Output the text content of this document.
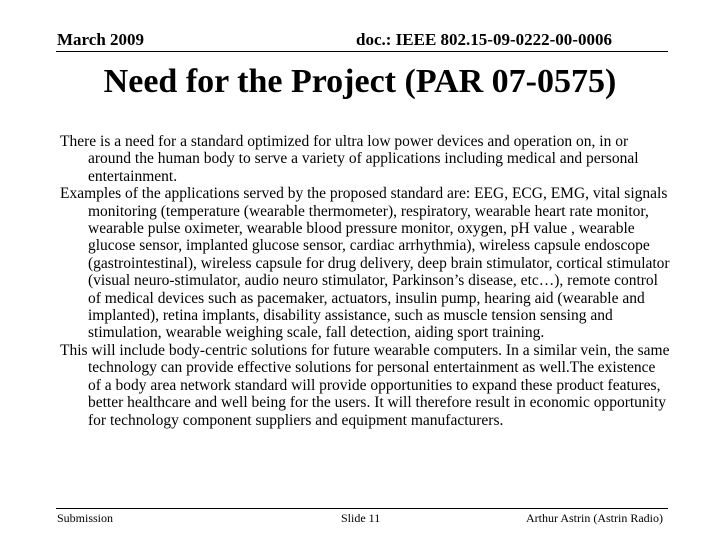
March 2009	doc.: IEEE 802.15-09-0222-00-0006
Need for the Project (PAR 07-0575)

There is a need for a standard optimized for ultra low power devices and operation on, in or around the human body to serve a variety of applications including medical and personal entertainment.

Examples of the applications served by the proposed standard are: EEG, ECG, EMG, vital signals monitoring (temperature (wearable thermometer), respiratory, wearable heart rate monitor, wearable pulse oximeter, wearable blood pressure monitor, oxygen, pH value , wearable glucose sensor, implanted glucose sensor, cardiac arrhythmia), wireless capsule endoscope (gastrointestinal), wireless capsule for drug delivery, deep brain stimulator, cortical stimulator (visual neuro-stimulator, audio neuro stimulator, Parkinson’s disease, etc…), remote control of medical devices such as pacemaker, actuators, insulin pump, hearing aid (wearable and implanted), retina implants, disability assistance, such as muscle tension sensing and stimulation, wearable weighing scale, fall detection, aiding sport training.

This will include body-centric solutions for future wearable computers. In a similar vein, the same technology can provide effective solutions for personal entertainment as well.The existence of a body area network standard will provide opportunities to expand these product features, better healthcare and well being for the users. It will therefore result in economic opportunity for technology component suppliers and equipment manufacturers.

Submission	Slide 11	Arthur Astrin (Astrin Radio)
